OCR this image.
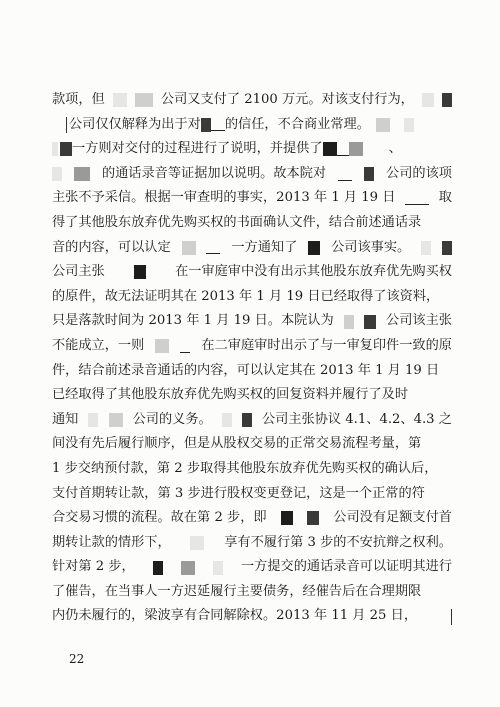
款项，但	公司又支付了 2100 万元。对该支付行为，
公司仅仅解释为出于对 的信任，不合商业常理。
一方则对交付的过程进行了说明，并提供了	、
的通话录音等证据加以说明。故本院对	公司的该项
主张不予采信。根据一审查明的事实，2013 年 1 月 19 日	取
得了其他股东放弃优先购买权的书面确认文件，结合前述通话录
音的内容，可以认定	一方通知了	公司该事实。
公司主张	在一审庭审中没有出示其他股东放弃优先购买权
的原件，故无法证明其在 2013 年 1 月 19 日已经取得了该资料，
只是落款时间为 2013 年 1 月 19 日。本院认为	公司该主张
不能成立，一则	在二审庭审时出示了与一审复印件一致的原
件，结合前述录音通话的内容，可以认定其在 2013 年 1 月 19 日
已经取得了其他股东放弃优先购买权的回复资料并履行了及时
通知	公司的义务。	公司主张协议 4.1、4.2、4.3 之
间没有先后履行顺序，但是从股权交易的正常交易流程考量，第
1 步交纳预付款，第 2 步取得其他股东放弃优先购买权的确认后，
支付首期转让款，第 3 步进行股权变更登记，这是一个正常的符
合交易习惯的流程。故在第 2 步，即	公司没有足额支付首
期转让款的情形下，	享有不履行第 3 步的不安抗辩之权利。
针对第 2 步，	一方提交的通话录音可以证明其进行
了催告，在当事人一方迟延履行主要债务，经催告后在合理期限
内仍未履行的，梁波享有合同解除权。2013 年 11 月 25 日，
22
